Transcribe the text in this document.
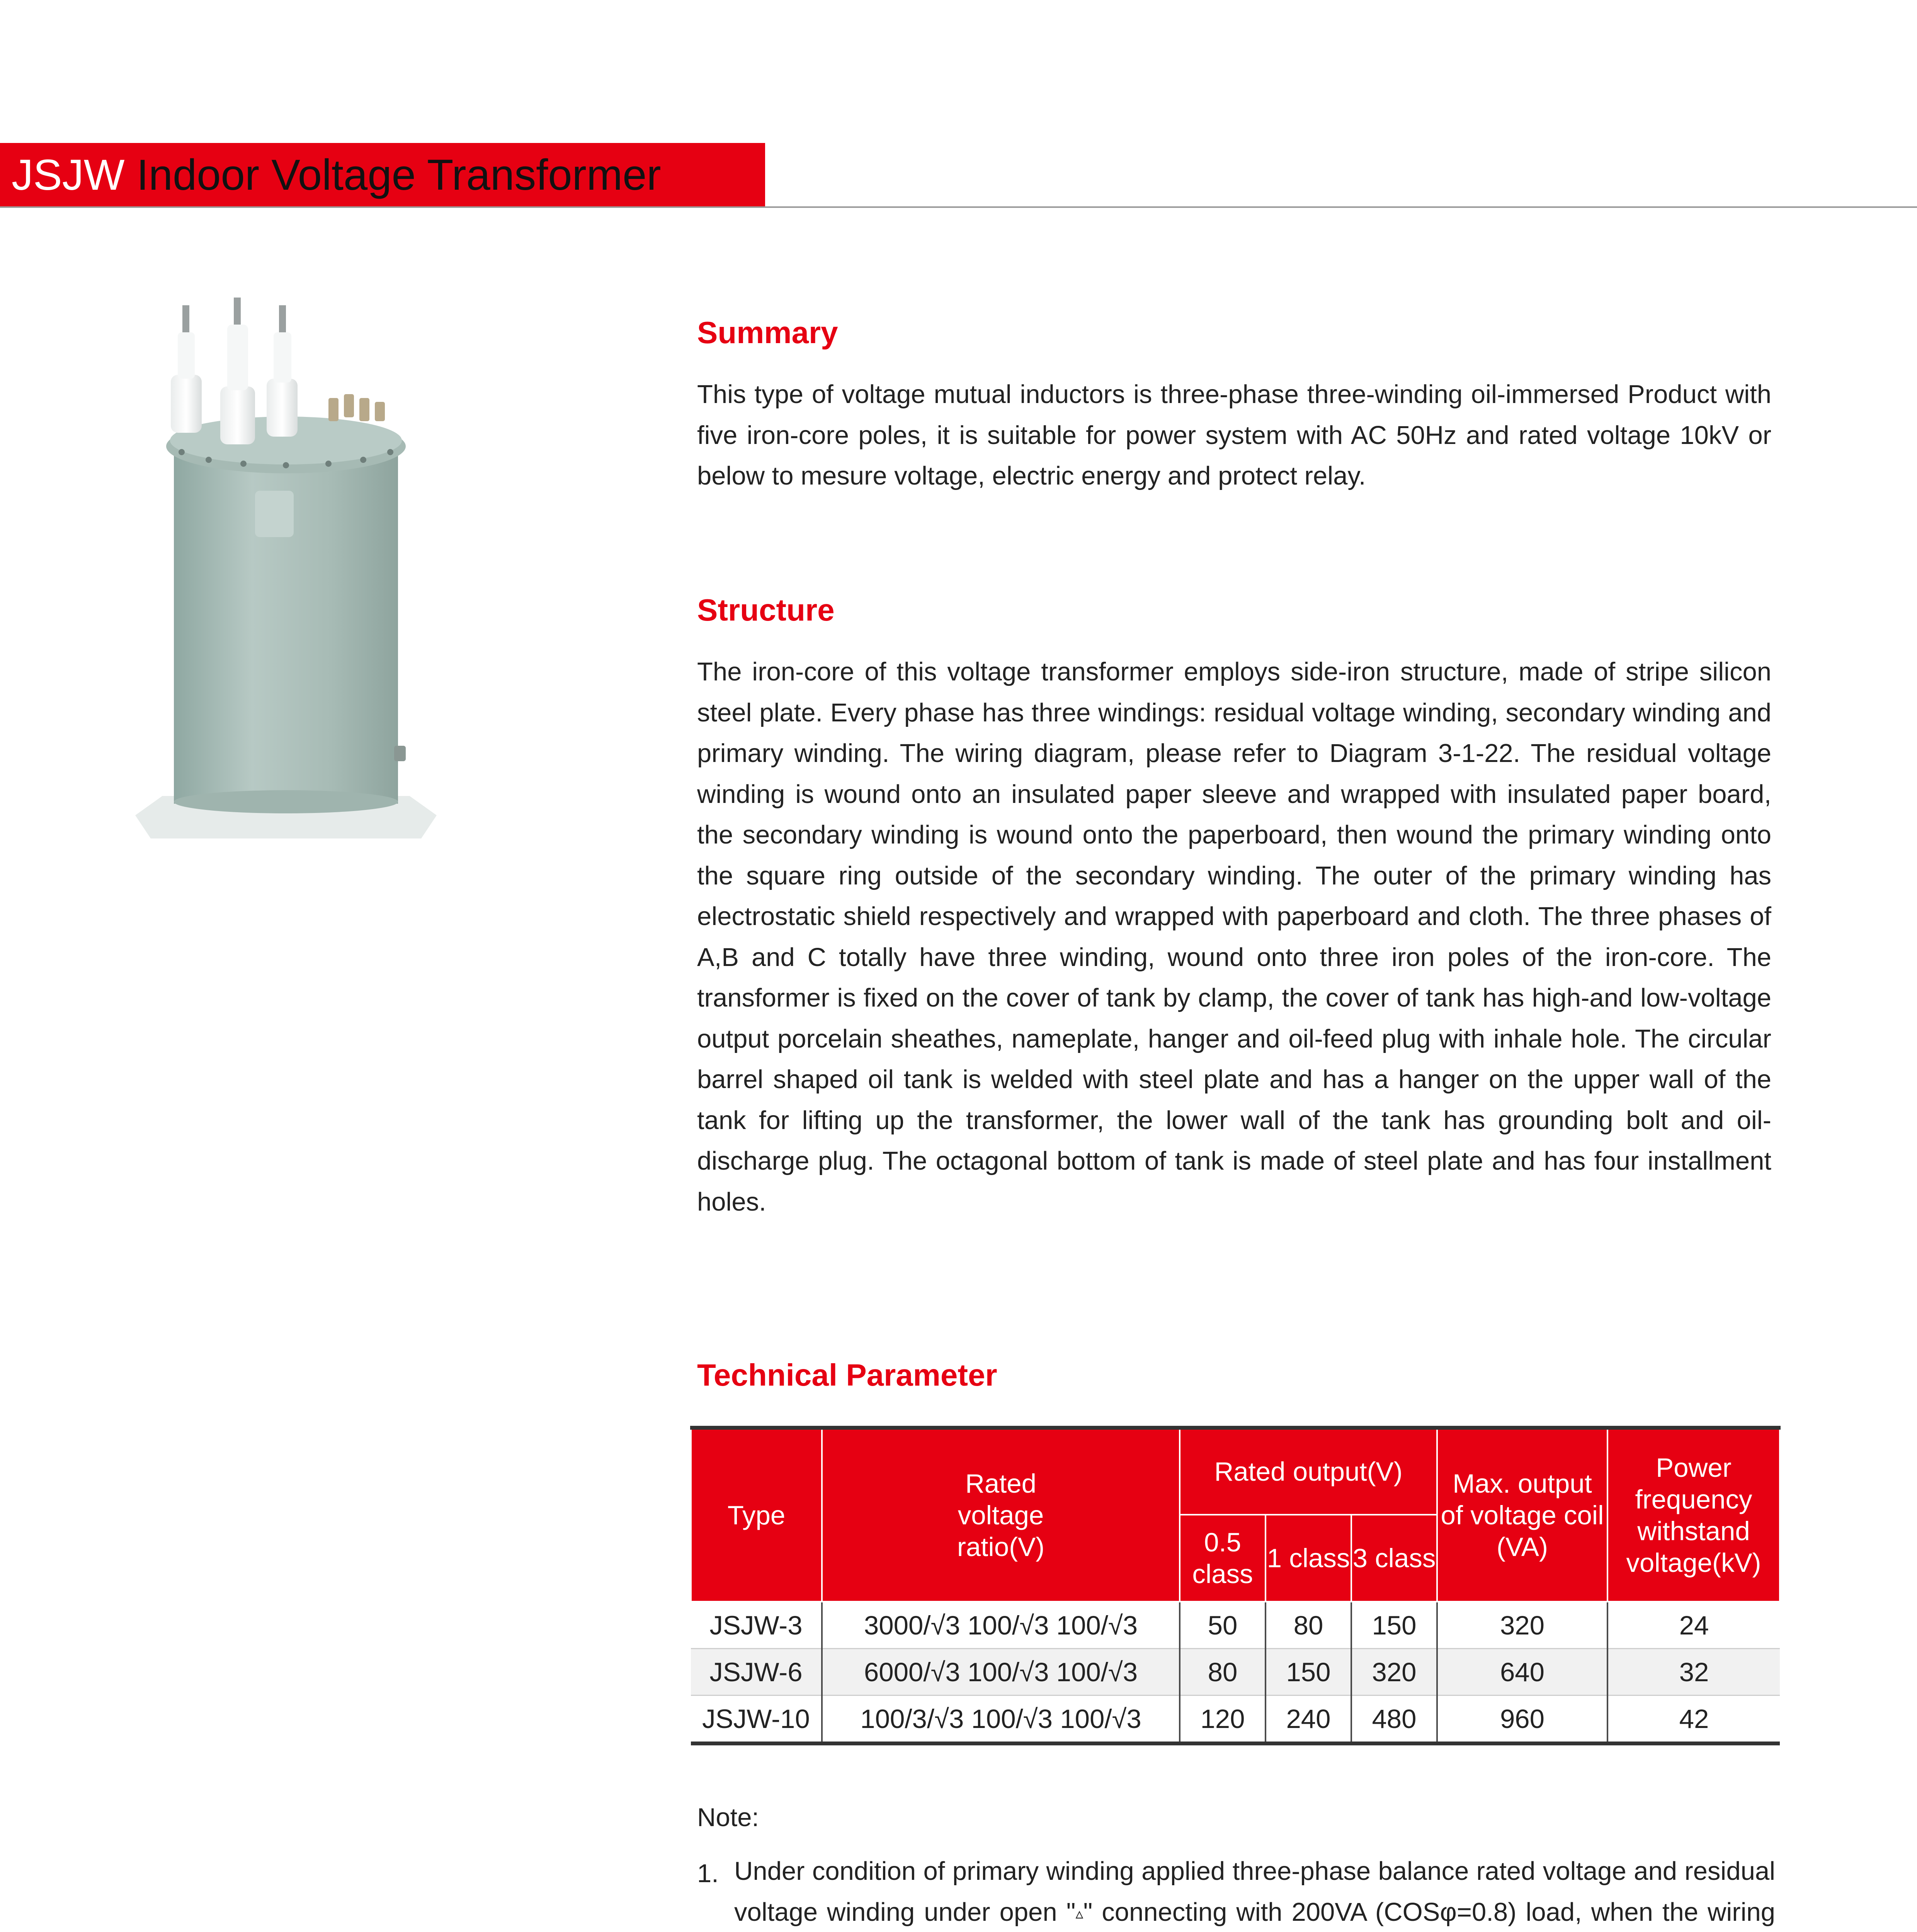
JSJW Indoor Voltage Transformer
Summary
This type of voltage mutual inductors is three-phase three-winding oil-immersed Product with five iron-core poles, it is suitable for power system with AC 50Hz and rated voltage 10kV or below to mesure voltage, electric energy and protect relay.
Structure
The iron-core of this voltage transformer employs side-iron structure, made of stripe silicon steel plate. Every phase has three windings: residual voltage winding, secondary winding and primary winding. The wiring diagram, please refer to Diagram 3-1-22. The residual voltage winding is wound onto an insulated paper sleeve and wrapped with insulated paper board, the secondary winding is wound onto the paperboard, then wound the primary winding onto the square ring outside of the secondary winding. The outer of the primary winding has electrostatic shield respectively and wrapped with paperboard and cloth. The three phases of A,B and C totally have three winding, wound onto three iron poles of the iron-core. The transformer is fixed on the cover of tank by clamp, the cover of tank has high-and low-voltage output porcelain sheathes, nameplate, hanger and oil-feed plug with inhale hole. The circular barrel shaped oil tank is welded with steel plate and has a hanger on the upper wall of the tank for lifting up the transformer, the lower wall of the tank has grounding bolt and oil-discharge plug. The octagonal bottom of tank is made of steel plate and has four installment holes.
Technical Parameter
Type	Rated voltage ratio(V)	Rated output(V)			Max. output of voltage coil (VA)	Power frequency withstand voltage(kV)
		0.5 class	1 class	3 class		
JSJW-3	3000/√3 100/√3 100/√3	50	80	150	320	24
JSJW-6	6000/√3 100/√3 100/√3	80	150	320	640	32
JSJW-10	100/3/√3 100/√3 100/√3	120	240	480	960	42
Note:
1. Under condition of primary winding applied three-phase balance rated voltage and residual voltage winding under open "▵" connecting with 200VA (COSφ=0.8) load, when the wiring
